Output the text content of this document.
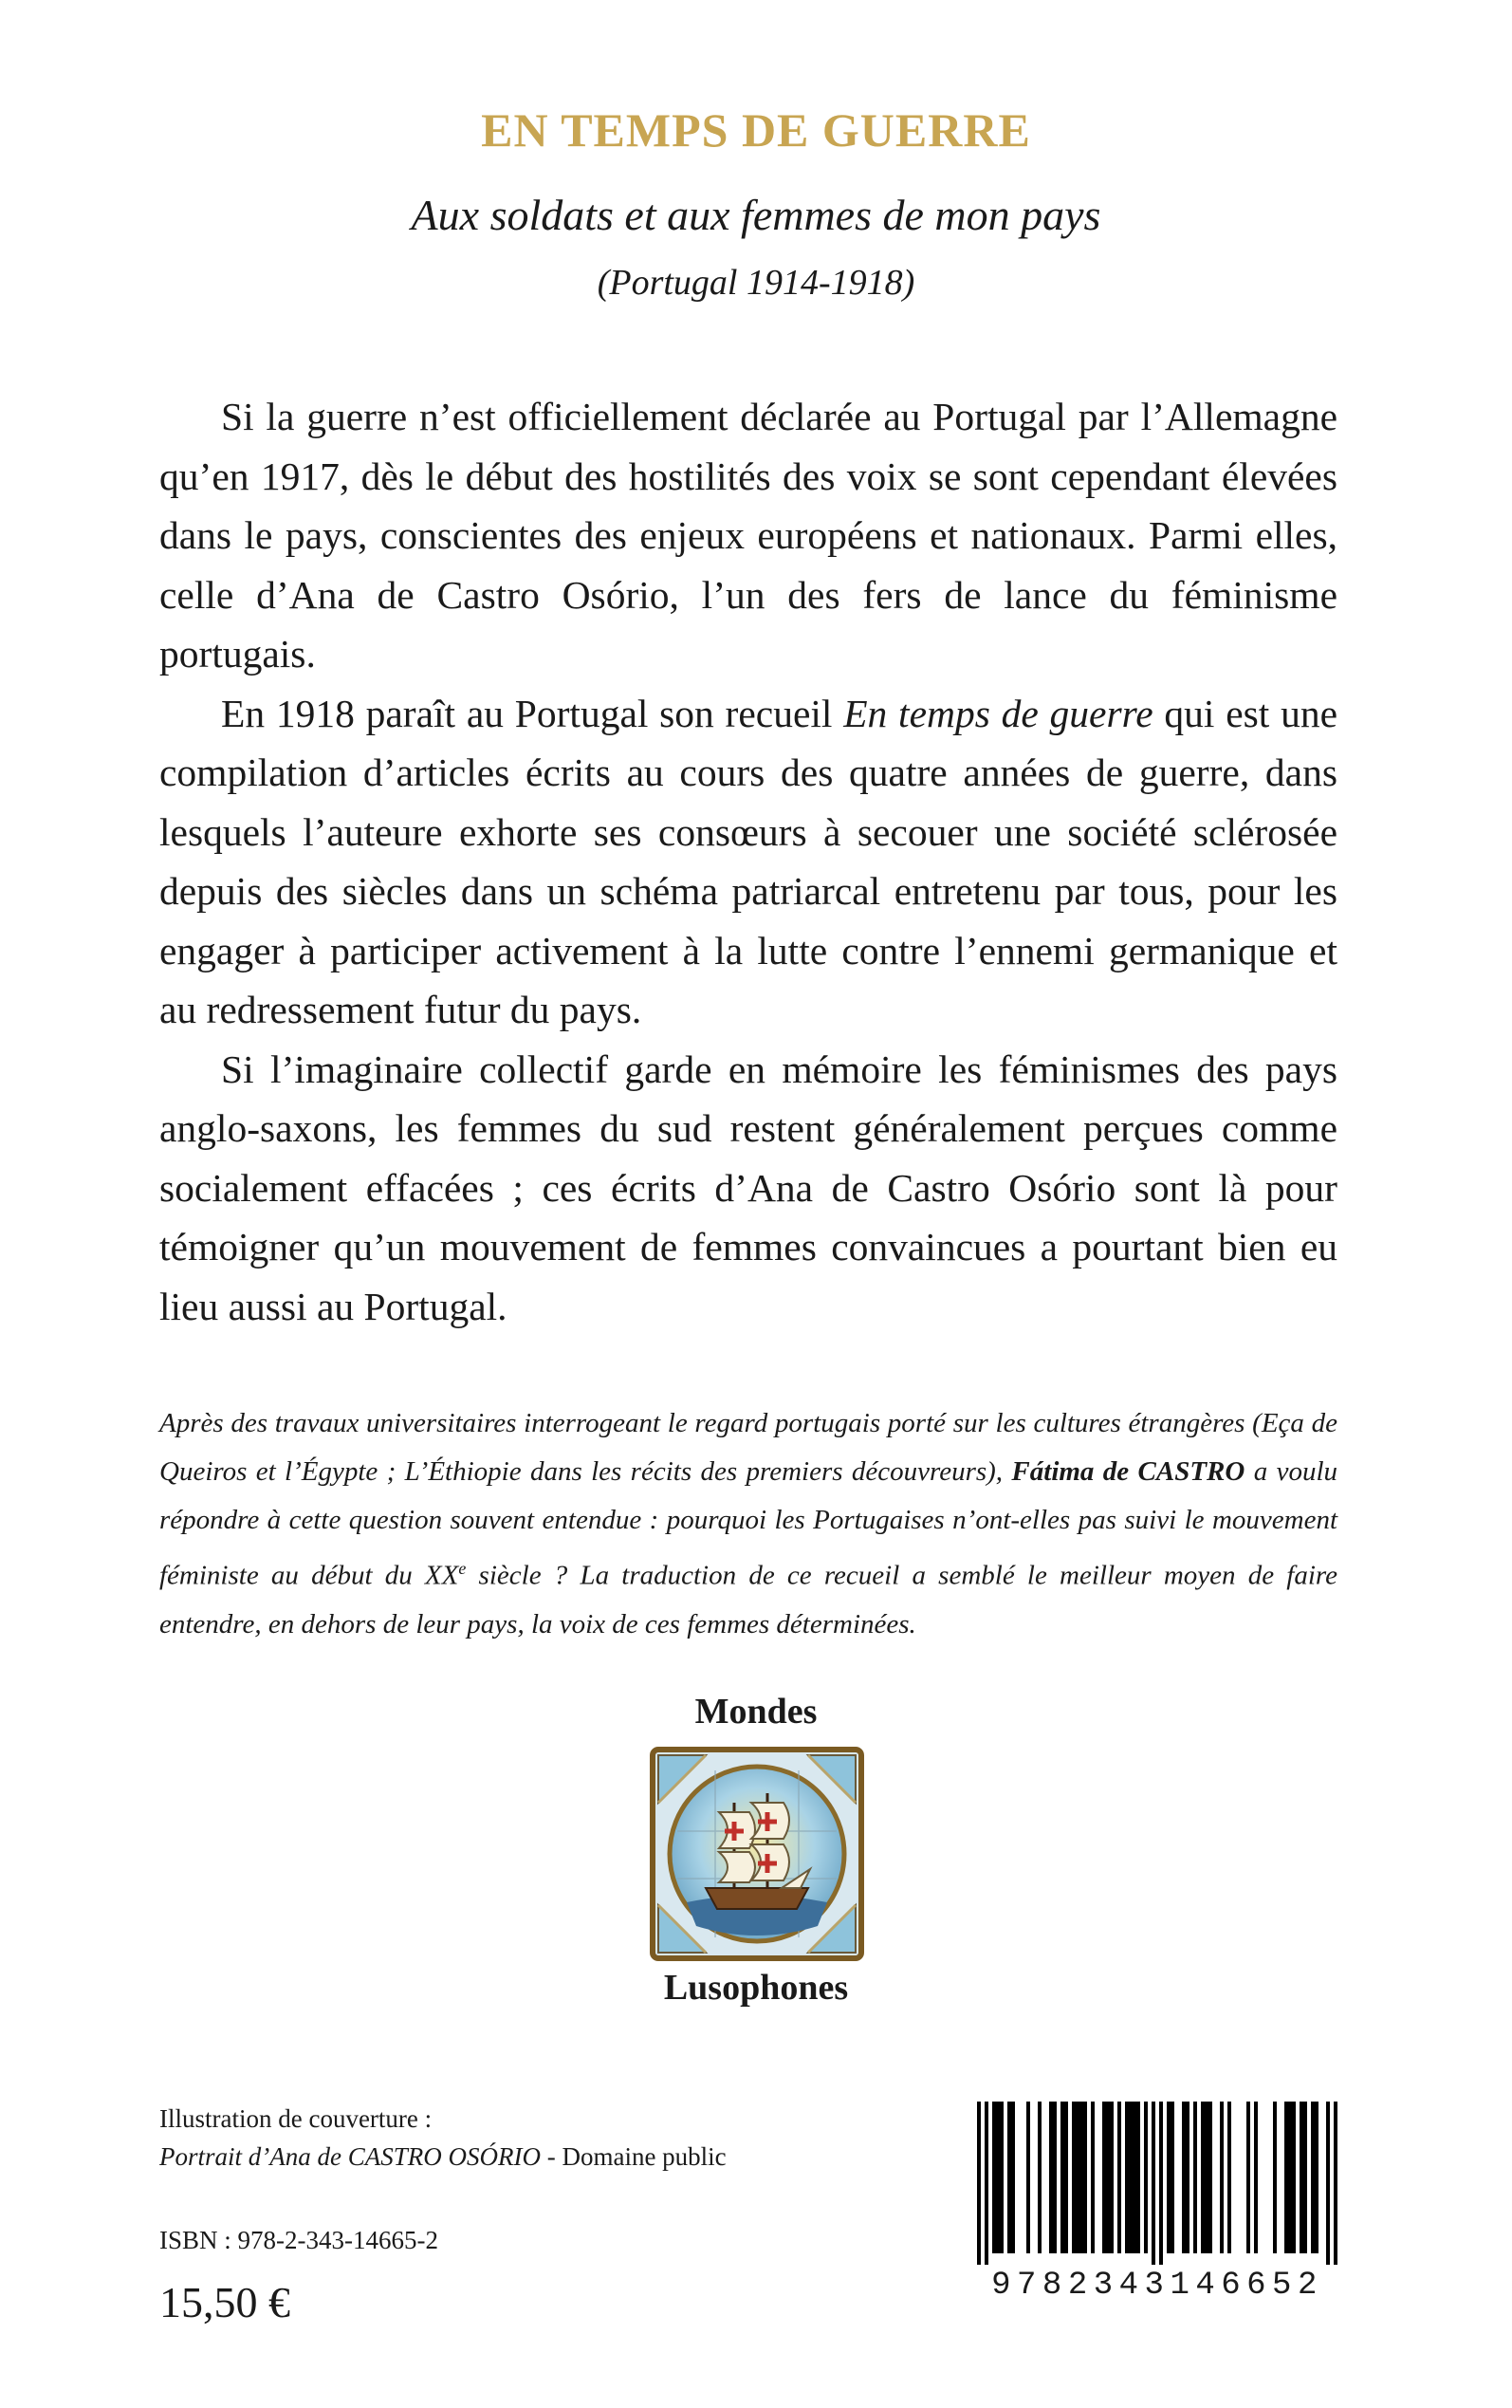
EN TEMPS DE GUERRE
Aux soldats et aux femmes de mon pays
(Portugal 1914-1918)

Si la guerre n’est officiellement déclarée au Portugal par l’Allemagne qu’en 1917, dès le début des hostilités des voix se sont cependant élevées dans le pays, conscientes des enjeux européens et nationaux. Parmi elles, celle d’Ana de Castro Osório, l’un des fers de lance du féminisme portugais.

En 1918 paraît au Portugal son recueil En temps de guerre qui est une compilation d’articles écrits au cours des quatre années de guerre, dans lesquels l’auteure exhorte ses consœurs à secouer une société sclérosée depuis des siècles dans un schéma patriarcal entretenu par tous, pour les engager à participer activement à la lutte contre l’ennemi germanique et au redressement futur du pays.

Si l’imaginaire collectif garde en mémoire les féminismes des pays anglo-saxons, les femmes du sud restent généralement perçues comme socialement effacées ; ces écrits d’Ana de Castro Osório sont là pour témoigner qu’un mouvement de femmes convaincues a pourtant bien eu lieu aussi au Portugal.

Après des travaux universitaires interrogeant le regard portugais porté sur les cultures étrangères (Eça de Queiros et l’Égypte ; L’Éthiopie dans les récits des premiers découvreurs), Fátima de CASTRO a voulu répondre à cette question souvent entendue : pourquoi les Portugaises n’ont-elles pas suivi le mouvement féministe au début du XXe siècle ? La traduction de ce recueil a semblé le meilleur moyen de faire entendre, en dehors de leur pays, la voix de ces femmes déterminées.
Mondes
Lusophones
Illustration de couverture :
Portrait d’Ana de CASTRO OSÓRIO - Domaine public
ISBN : 978-2-343-14665-2
15,50 €	9782343146652
